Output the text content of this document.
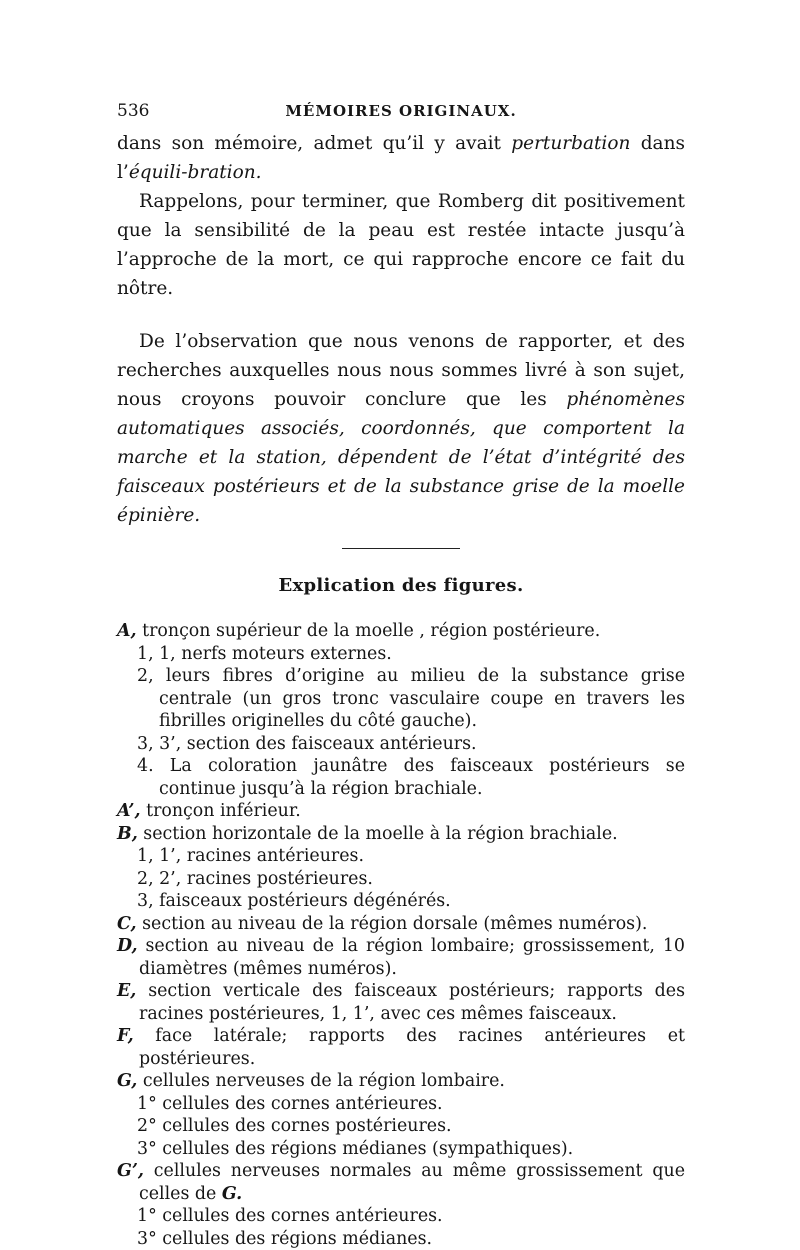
536	MÉMOIRES ORIGINAUX.

dans son mémoire, admet qu’il y avait perturbation dans l’équili-bration.

Rappelons, pour terminer, que Romberg dit positivement que la sensibilité de la peau est restée intacte jusqu’à l’approche de la mort, ce qui rapproche encore ce fait du nôtre.

De l’observation que nous venons de rapporter, et des recherches auxquelles nous nous sommes livré à son sujet, nous croyons pouvoir conclure que les phénomènes automatiques associés, coordonnés, que comportent la marche et la station, dépendent de l’état d’intégrité des faisceaux postérieurs et de la substance grise de la moelle épinière.

Explication des figures.
A, tronçon supérieur de la moelle , région postérieure.
1, 1, nerfs moteurs externes.
2, leurs fibres d’origine au milieu de la substance grise centrale (un gros tronc vasculaire coupe en travers les fibrilles originelles du côté gauche).
3, 3’, section des faisceaux antérieurs.
4. La coloration jaunâtre des faisceaux postérieurs se continue jusqu’à la région brachiale.
A’, tronçon inférieur.
B, section horizontale de la moelle à la région brachiale.
1, 1’, racines antérieures.
2, 2’, racines postérieures.
3, faisceaux postérieurs dégénérés.
C, section au niveau de la région dorsale (mêmes numéros).
D, section au niveau de la région lombaire; grossissement, 10 diamètres (mêmes numéros).
E, section verticale des faisceaux postérieurs; rapports des racines postérieures, 1, 1’, avec ces mêmes faisceaux.
F, face latérale; rapports des racines antérieures et postérieures.
G, cellules nerveuses de la région lombaire.
1° cellules des cornes antérieures.
2° cellules des cornes postérieures.
3° cellules des régions médianes (sympathiques).
G’, cellules nerveuses normales au même grossissement que celles de G.
1° cellules des cornes antérieures.
3° cellules des régions médianes.
